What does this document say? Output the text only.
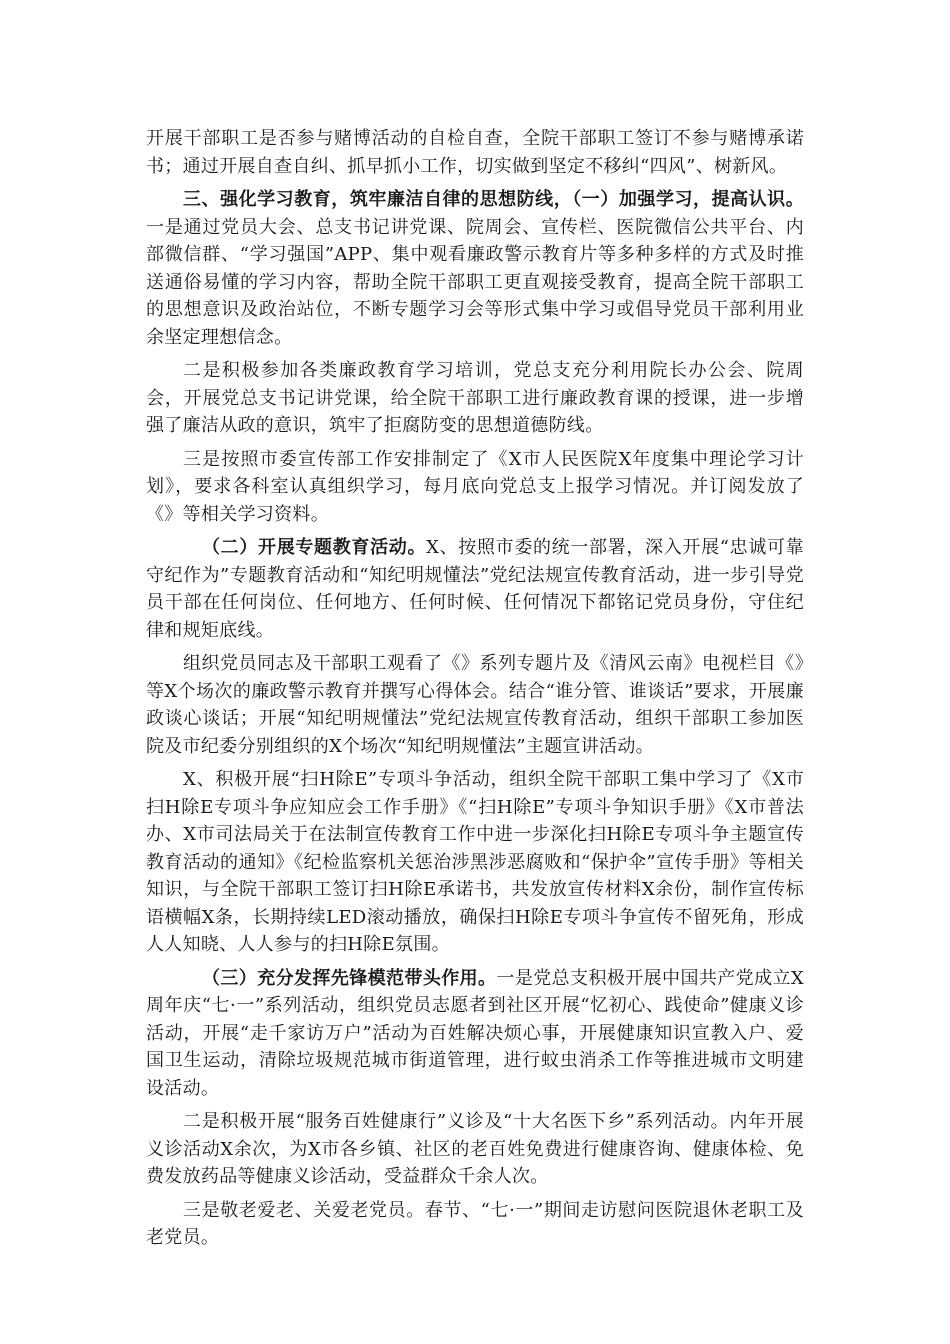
开展干部职工是否参与赌博活动的自检自查，全院干部职工签订不参与赌博承诺书；通过开展自查自纠、抓早抓小工作，切实做到坚定不移纠“四风”、树新风。

三、强化学习教育，筑牢廉洁自律的思想防线，（一）加强学习，提高认识。一是通过党员大会、总支书记讲党课、院周会、宣传栏、医院微信公共平台、内部微信群、“学习强国”APP、集中观看廉政警示教育片等多种多样的方式及时推送通俗易懂的学习内容，帮助全院干部职工更直观接受教育，提高全院干部职工的思想意识及政治站位，不断专题学习会等形式集中学习或倡导党员干部利用业余坚定理想信念。

二是积极参加各类廉政教育学习培训，党总支充分利用院长办公会、院周会，开展党总支书记讲党课，给全院干部职工进行廉政教育课的授课，进一步增强了廉洁从政的意识，筑牢了拒腐防变的思想道德防线。

三是按照市委宣传部工作安排制定了《X市人民医院X年度集中理论学习计划》，要求各科室认真组织学习，每月底向党总支上报学习情况。并订阅发放了《》等相关学习资料。

（二）开展专题教育活动。X、按照市委的统一部署，深入开展“忠诚可靠守纪作为”专题教育活动和“知纪明规懂法”党纪法规宣传教育活动，进一步引导党员干部在任何岗位、任何地方、任何时候、任何情况下都铭记党员身份，守住纪律和规矩底线。

组织党员同志及干部职工观看了《》系列专题片及《清风云南》电视栏目《》等X个场次的廉政警示教育并撰写心得体会。结合“谁分管、谁谈话”要求，开展廉政谈心谈话；开展“知纪明规懂法”党纪法规宣传教育活动，组织干部职工参加医院及市纪委分别组织的X个场次“知纪明规懂法”主题宣讲活动。

X、积极开展“扫H除E”专项斗争活动，组织全院干部职工集中学习了《X市扫H除E专项斗争应知应会工作手册》《“扫H除E”专项斗争知识手册》《X市普法办、X市司法局关于在法制宣传教育工作中进一步深化扫H除E专项斗争主题宣传教育活动的通知》《纪检监察机关惩治涉黑涉恶腐败和“保护伞”宣传手册》等相关知识，与全院干部职工签订扫H除E承诺书，共发放宣传材料X余份，制作宣传标语横幅X条，长期持续LED滚动播放，确保扫H除E专项斗争宣传不留死角，形成人人知晓、人人参与的扫H除E氛围。

（三）充分发挥先锋模范带头作用。一是党总支积极开展中国共产党成立X周年庆“七·一”系列活动，组织党员志愿者到社区开展“忆初心、践使命”健康义诊活动，开展“走千家访万户”活动为百姓解决烦心事，开展健康知识宣教入户、爱国卫生运动，清除垃圾规范城市街道管理，进行蚊虫消杀工作等推进城市文明建设活动。

二是积极开展“服务百姓健康行”义诊及“十大名医下乡”系列活动。内年开展义诊活动X余次，为X市各乡镇、社区的老百姓免费进行健康咨询、健康体检、免费发放药品等健康义诊活动，受益群众千余人次。

三是敬老爱老、关爱老党员。春节、“七·一”期间走访慰问医院退休老职工及老党员。
